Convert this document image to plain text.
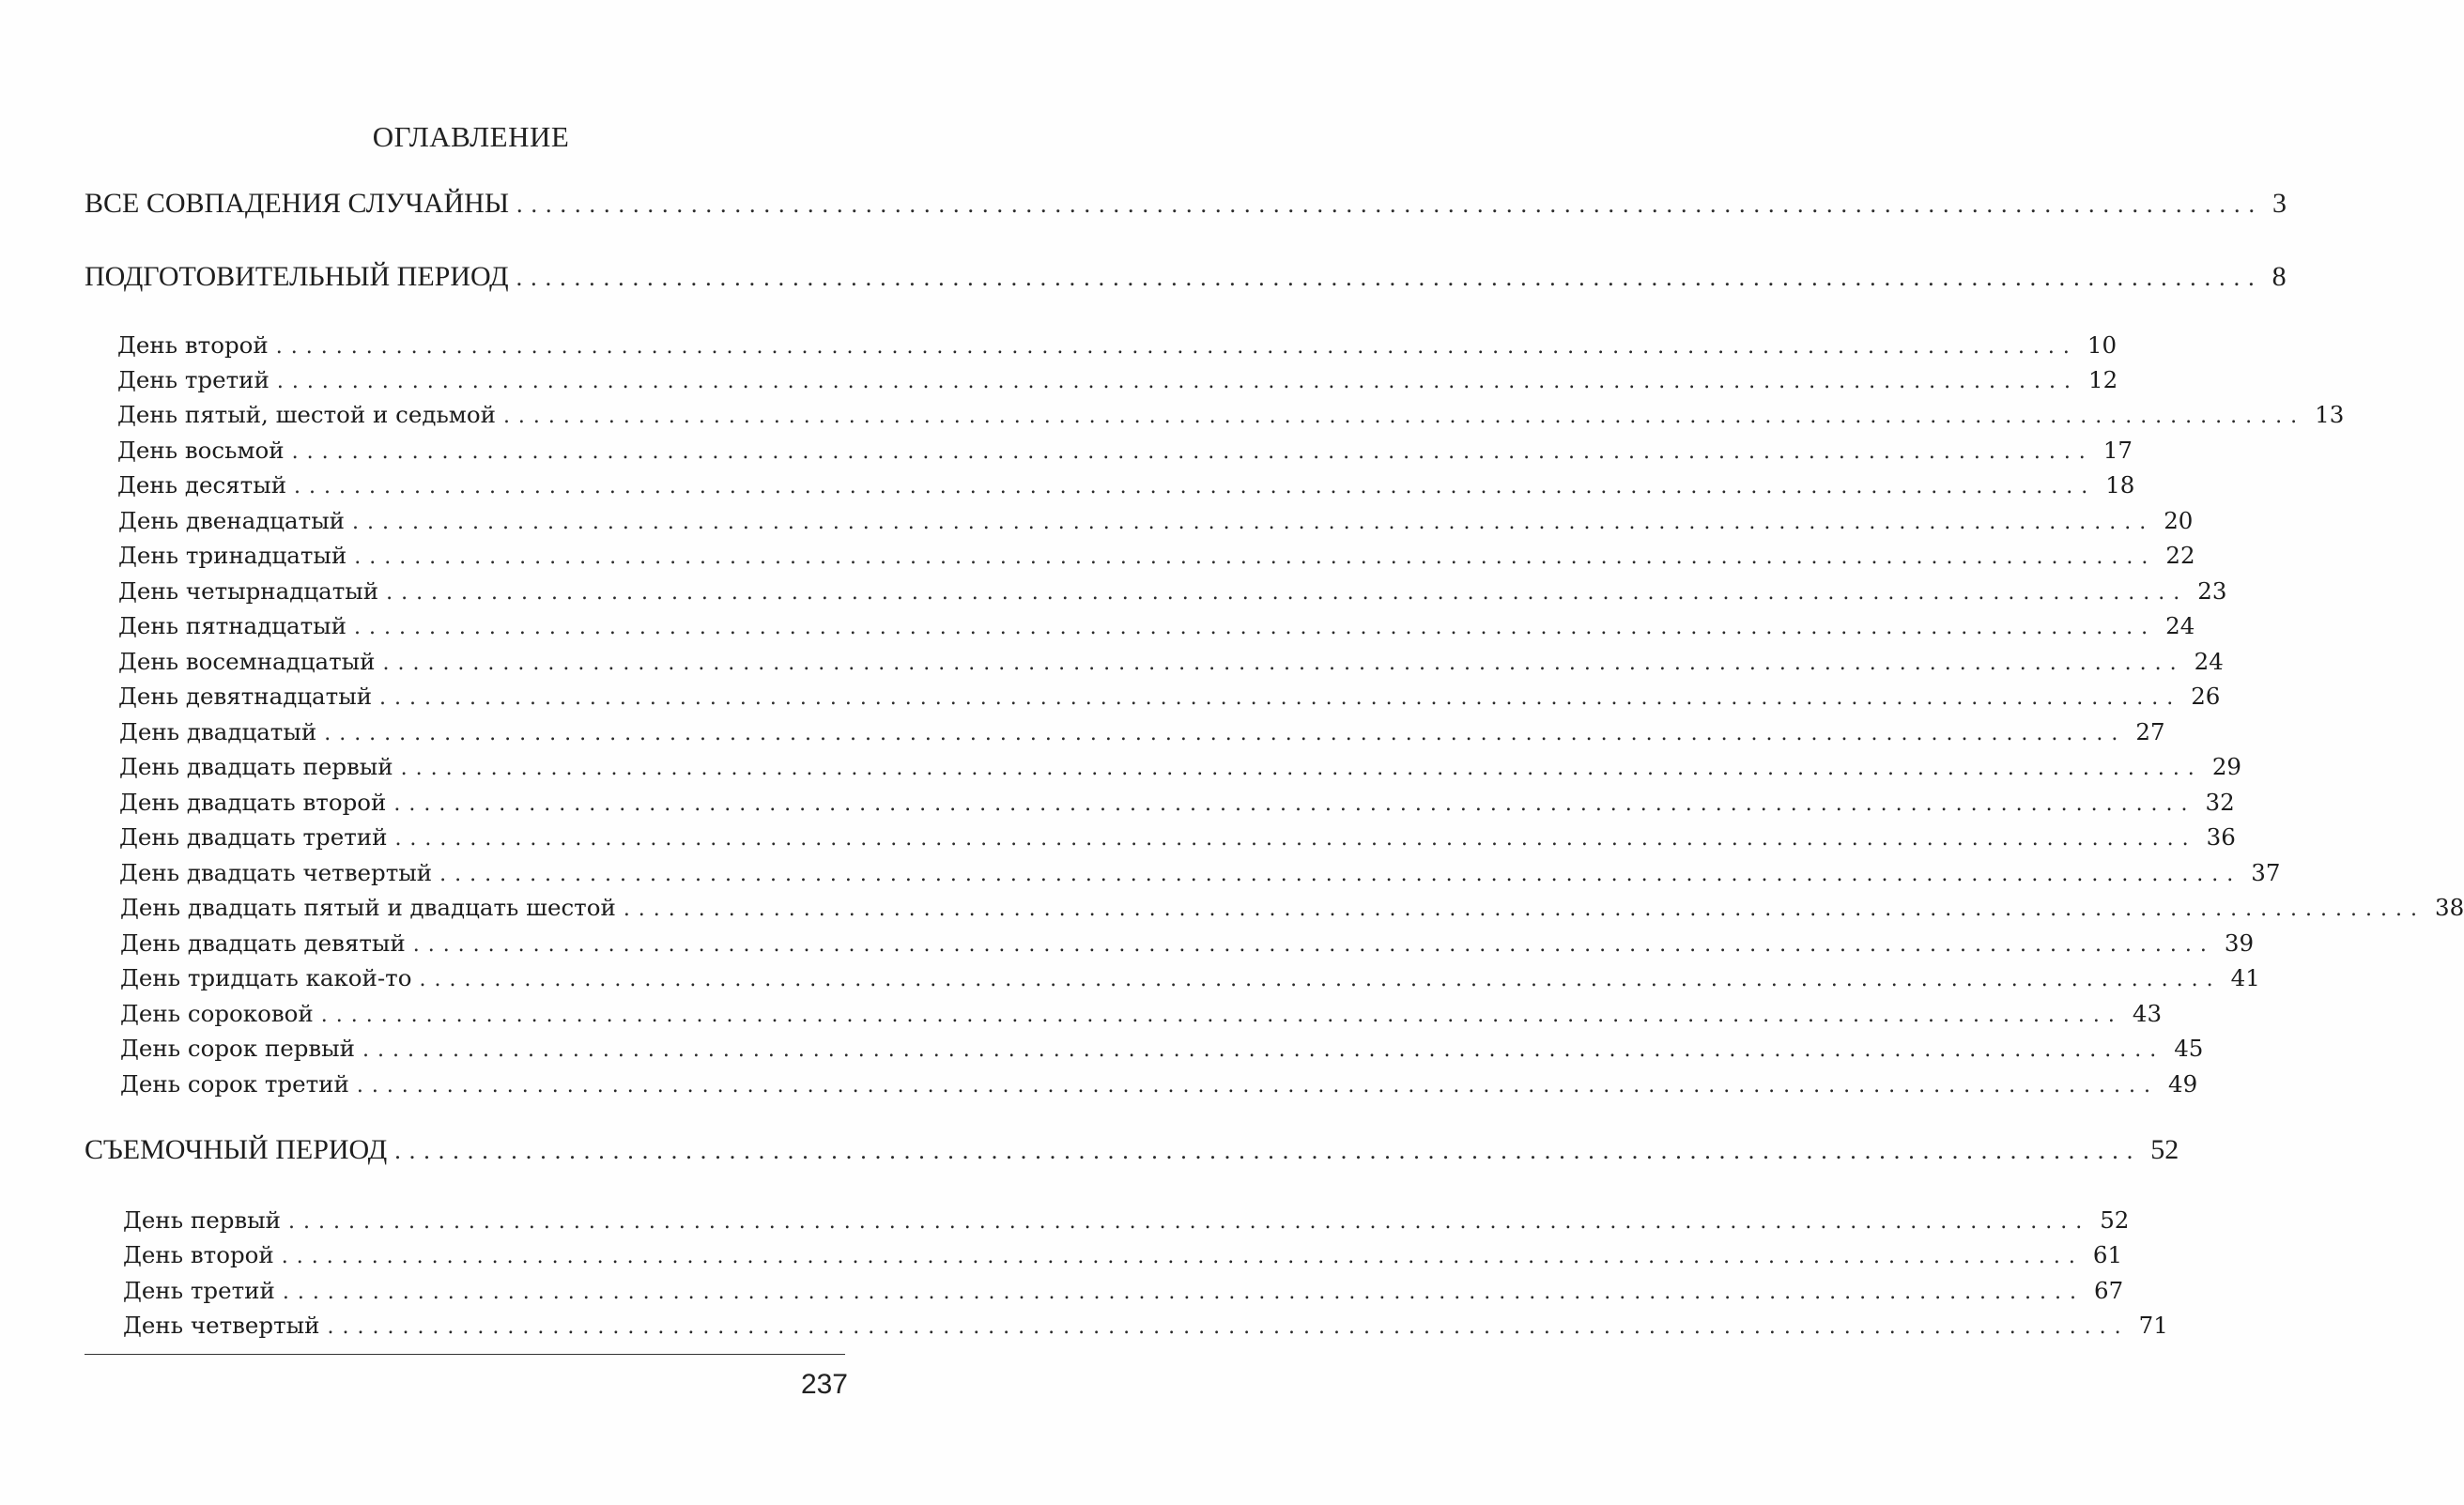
ОГЛАВЛЕНИЕ
ВСЕ СОВПАДЕНИЯ СЛУЧАЙНЫ ........................................................................................................................ 3
ПОДГОТОВИТЕЛЬНЫЙ ПЕРИОД ........................................................................................................................ 8
День второй ........................................................................................................................ 10
День третий ........................................................................................................................ 12
День пятый, шестой и седьмой ........................................................................................................................ 13
День восьмой ........................................................................................................................ 17
День десятый ........................................................................................................................ 18
День двенадцатый ........................................................................................................................ 20
День тринадцатый ........................................................................................................................ 22
День четырнадцатый ........................................................................................................................ 23
День пятнадцатый ........................................................................................................................ 24
День восемнадцатый ........................................................................................................................ 24
День девятнадцатый ........................................................................................................................ 26
День двадцатый ........................................................................................................................ 27
День двадцать первый ........................................................................................................................ 29
День двадцать второй ........................................................................................................................ 32
День двадцать третий ........................................................................................................................ 36
День двадцать четвертый ........................................................................................................................ 37
День двадцать пятый и двадцать шестой ........................................................................................................................ 38
День двадцать девятый ........................................................................................................................ 39
День тридцать какой-то ........................................................................................................................ 41
День сороковой ........................................................................................................................ 43
День сорок первый ........................................................................................................................ 45
День сорок третий ........................................................................................................................ 49
СЪЕМОЧНЫЙ ПЕРИОД ........................................................................................................................ 52
День первый ........................................................................................................................ 52
День второй ........................................................................................................................ 61
День третий ........................................................................................................................ 67
День четвертый ........................................................................................................................ 71
237
